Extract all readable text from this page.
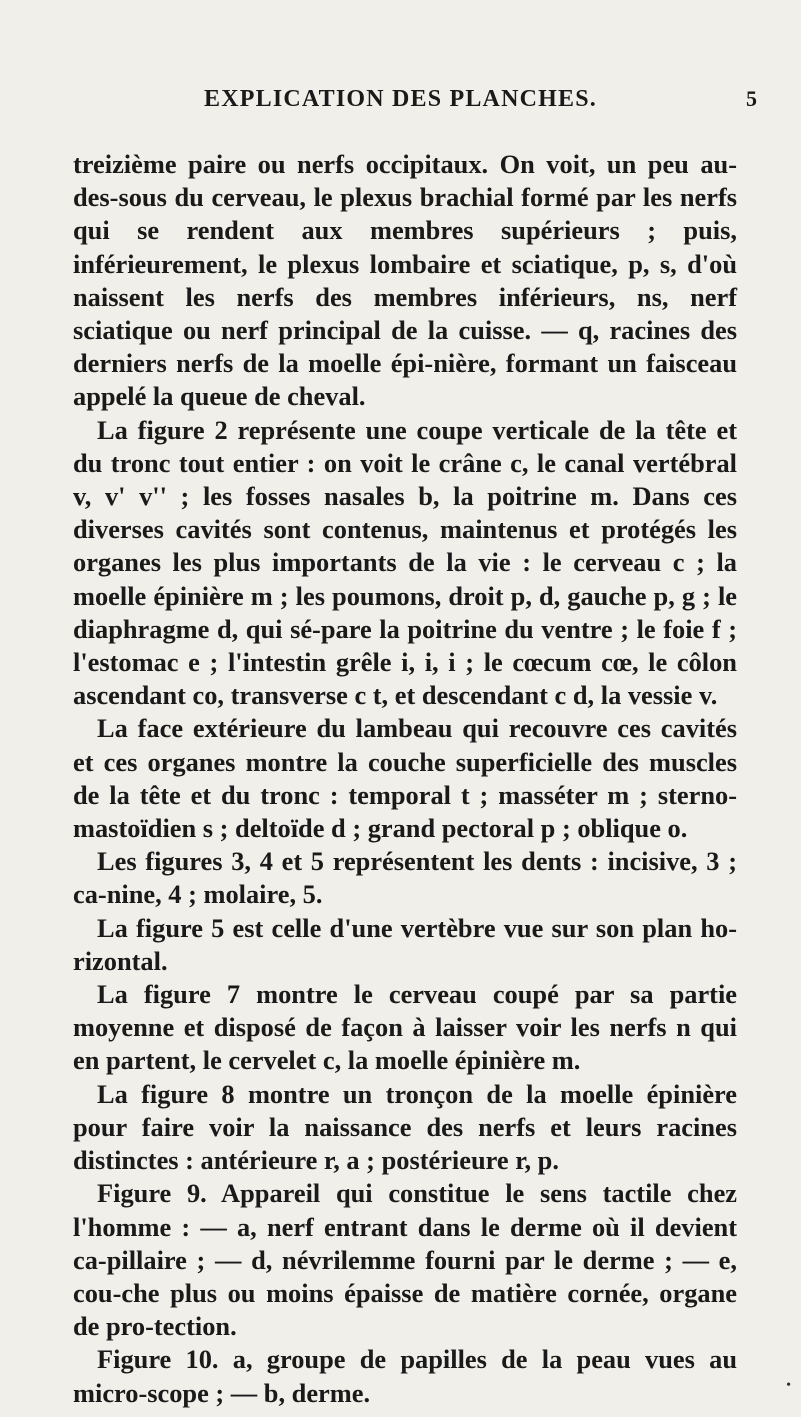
EXPLICATION DES PLANCHES.	5

treizième paire ou nerfs occipitaux. On voit, un peu au-des-sous du cerveau, le plexus brachial formé par les nerfs qui se rendent aux membres supérieurs ; puis, inférieurement, le plexus lombaire et sciatique, p, s, d'où naissent les nerfs des membres inférieurs, ns, nerf sciatique ou nerf principal de la cuisse. — q, racines des derniers nerfs de la moelle épi-nière, formant un faisceau appelé la queue de cheval.

La figure 2 représente une coupe verticale de la tête et du tronc tout entier : on voit le crâne c, le canal vertébral v, v' v'' ; les fosses nasales b, la poitrine m. Dans ces diverses cavités sont contenus, maintenus et protégés les organes les plus importants de la vie : le cerveau c ; la moelle épinière m ; les poumons, droit p, d, gauche p, g ; le diaphragme d, qui sé-pare la poitrine du ventre ; le foie f ; l'estomac e ; l'intestin grêle i, i, i ; le cœcum cœ, le côlon ascendant co, transverse c t, et descendant c d, la vessie v.

La face extérieure du lambeau qui recouvre ces cavités et ces organes montre la couche superficielle des muscles de la tête et du tronc : temporal t ; masséter m ; sterno-mastoïdien s ; deltoïde d ; grand pectoral p ; oblique o.

Les figures 3, 4 et 5 représentent les dents : incisive, 3 ; ca-nine, 4 ; molaire, 5.

La figure 5 est celle d'une vertèbre vue sur son plan ho-rizontal.

La figure 7 montre le cerveau coupé par sa partie moyenne et disposé de façon à laisser voir les nerfs n qui en partent, le cervelet c, la moelle épinière m.

La figure 8 montre un tronçon de la moelle épinière pour faire voir la naissance des nerfs et leurs racines distinctes : antérieure r, a ; postérieure r, p.

Figure 9. Appareil qui constitue le sens tactile chez l'homme : — a, nerf entrant dans le derme où il devient ca-pillaire ; — d, névrilemme fourni par le derme ; — e, cou-che plus ou moins épaisse de matière cornée, organe de pro-tection.

Figure 10. a, groupe de papilles de la peau vues au micro-scope ; — b, derme.	•
